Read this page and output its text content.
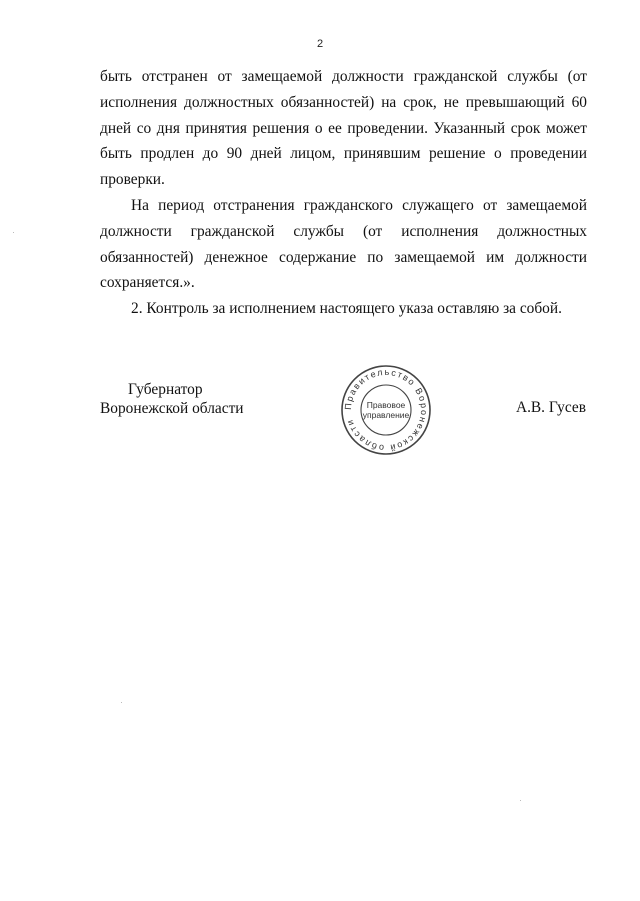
2

быть отстранен от замещаемой должности гражданской службы (от исполнения должностных обязанностей) на срок, не превышающий 60 дней со дня принятия решения о ее проведении. Указанный срок может быть продлен до 90 дней лицом, принявшим решение о проведении проверки.

На период отстранения гражданского служащего от замещаемой должности гражданской службы (от исполнения должностных обязанностей) денежное содержание по замещаемой им должности сохраняется.».

2. Контроль за исполнением настоящего указа оставляю за собой.

Губернатор
Воронежской области	Правительство Воронежской области
Правовое
управление	А.В. Гусев
